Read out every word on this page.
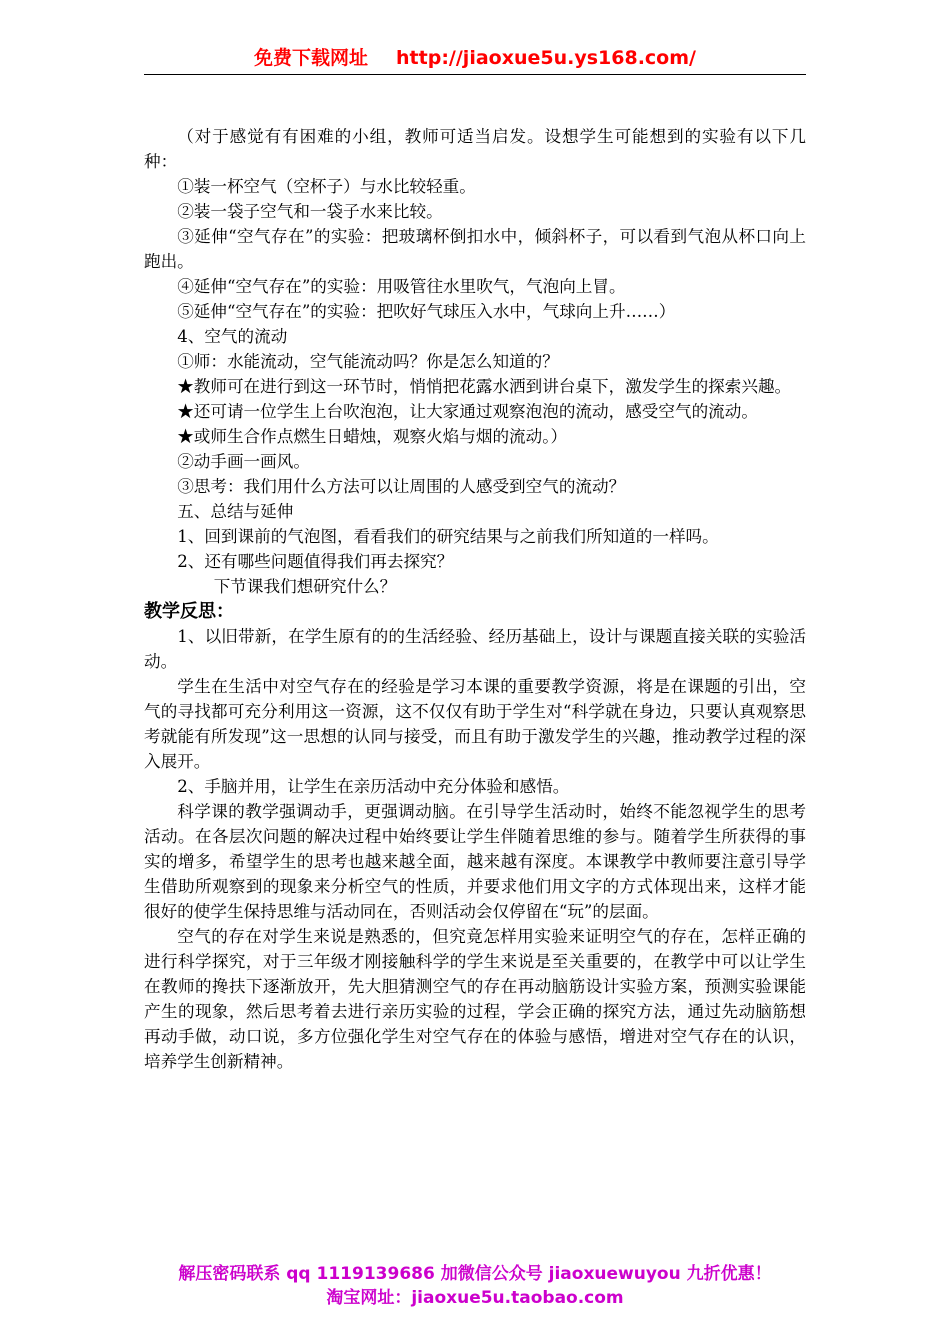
免费下载网址 http://jiaoxue5u.ys168.com/

（对于感觉有有困难的小组，教师可适当启发。设想学生可能想到的实验有以下几种：

①装一杯空气（空杯子）与水比较轻重。

②装一袋子空气和一袋子水来比较。

③延伸“空气存在”的实验：把玻璃杯倒扣水中，倾斜杯子，可以看到气泡从杯口向上跑出。

④延伸“空气存在”的实验：用吸管往水里吹气，气泡向上冒。

⑤延伸“空气存在”的实验：把吹好气球压入水中，气球向上升……）

4、空气的流动

①师：水能流动，空气能流动吗？你是怎么知道的？

★教师可在进行到这一环节时，悄悄把花露水洒到讲台桌下，激发学生的探索兴趣。

★还可请一位学生上台吹泡泡，让大家通过观察泡泡的流动，感受空气的流动。

★或师生合作点燃生日蜡烛，观察火焰与烟的流动。）

②动手画一画风。

③思考：我们用什么方法可以让周围的人感受到空气的流动？

五、总结与延伸

1、回到课前的气泡图，看看我们的研究结果与之前我们所知道的一样吗。

2、还有哪些问题值得我们再去探究？

下节课我们想研究什么？

教学反思：

1、以旧带新，在学生原有的的生活经验、经历基础上，设计与课题直接关联的实验活动。

学生在生活中对空气存在的经验是学习本课的重要教学资源，将是在课题的引出，空气的寻找都可充分利用这一资源，这不仅仅有助于学生对“科学就在身边，只要认真观察思考就能有所发现”这一思想的认同与接受，而且有助于激发学生的兴趣，推动教学过程的深入展开。

2、手脑并用，让学生在亲历活动中充分体验和感悟。

科学课的教学强调动手，更强调动脑。在引导学生活动时，始终不能忽视学生的思考活动。在各层次问题的解决过程中始终要让学生伴随着思维的参与。随着学生所获得的事实的增多，希望学生的思考也越来越全面，越来越有深度。本课教学中教师要注意引导学生借助所观察到的现象来分析空气的性质，并要求他们用文字的方式体现出来，这样才能很好的使学生保持思维与活动同在，否则活动会仅停留在“玩”的层面。

空气的存在对学生来说是熟悉的，但究竟怎样用实验来证明空气的存在，怎样正确的进行科学探究，对于三年级才刚接触科学的学生来说是至关重要的，在教学中可以让学生在教师的搀扶下逐渐放开，先大胆猜测空气的存在再动脑筋设计实验方案，预测实验课能产生的现象，然后思考着去进行亲历实验的过程，学会正确的探究方法，通过先动脑筋想再动手做，动口说，多方位强化学生对空气存在的体验与感悟，增进对空气存在的认识，培养学生创新精神。

解压密码联系 qq 1119139686 加微信公众号 jiaoxuewuyou 九折优惠！
淘宝网址：jiaoxue5u.taobao.com
